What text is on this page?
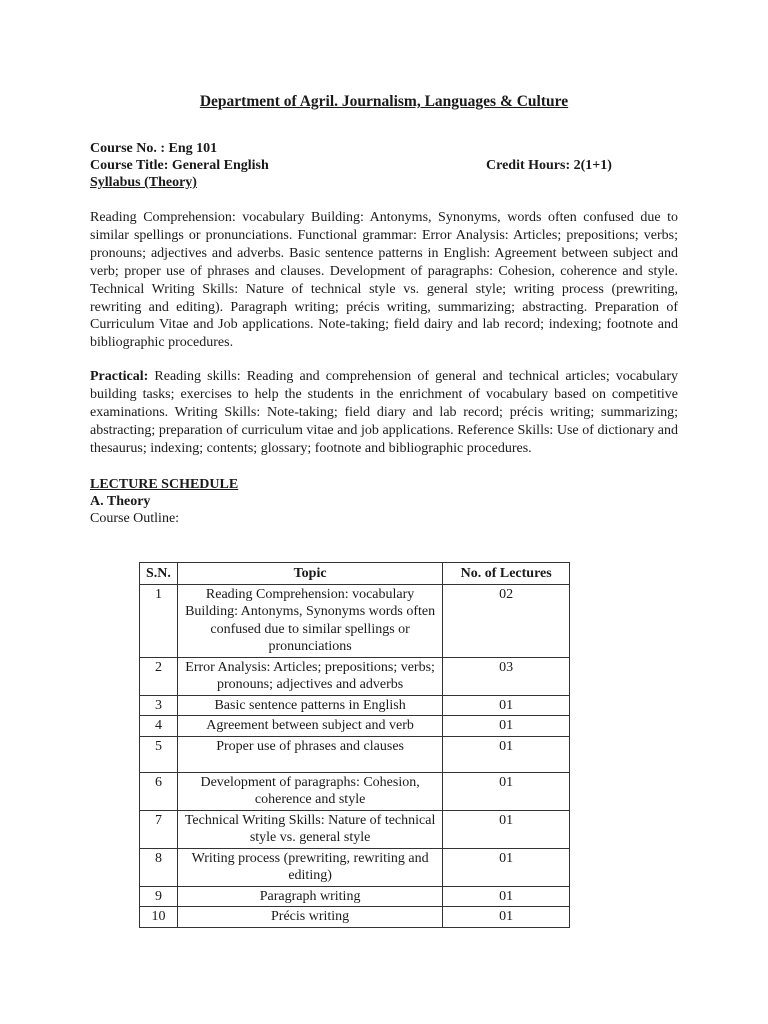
Department of Agril. Journalism, Languages & Culture
Course No. : Eng 101
Course Title: General English	Credit Hours: 2(1+1)
Syllabus (Theory)

Reading Comprehension: vocabulary Building: Antonyms, Synonyms, words often confused due to similar spellings or pronunciations. Functional grammar: Error Analysis: Articles; prepositions; verbs; pronouns; adjectives and adverbs. Basic sentence patterns in English: Agreement between subject and verb; proper use of phrases and clauses. Development of paragraphs: Cohesion, coherence and style. Technical Writing Skills: Nature of technical style vs. general style; writing process (prewriting, rewriting and editing). Paragraph writing; précis writing, summarizing; abstracting. Preparation of Curriculum Vitae and Job applications. Note-taking; field dairy and lab record; indexing; footnote and bibliographic procedures.

Practical: Reading skills: Reading and comprehension of general and technical articles; vocabulary building tasks; exercises to help the students in the enrichment of vocabulary based on competitive examinations. Writing Skills: Note-taking; field diary and lab record; précis writing; summarizing; abstracting; preparation of curriculum vitae and job applications. Reference Skills: Use of dictionary and thesaurus; indexing; contents; glossary; footnote and bibliographic procedures.

LECTURE SCHEDULE
A. Theory
Course Outline:
S.N.	Topic	No. of Lectures
1	Reading Comprehension: vocabulary Building: Antonyms, Synonyms words often confused due to similar spellings or pronunciations	02
2	Error Analysis: Articles; prepositions; verbs; pronouns; adjectives and adverbs	03
3	Basic sentence patterns in English	01
4	Agreement between subject and verb	01
5	Proper use of phrases and clauses	01
6	Development of paragraphs: Cohesion, coherence and style	01
7	Technical Writing Skills: Nature of technical style vs. general style	01
8	Writing process (prewriting, rewriting and editing)	01
9	Paragraph writing	01
10	Précis writing	01
